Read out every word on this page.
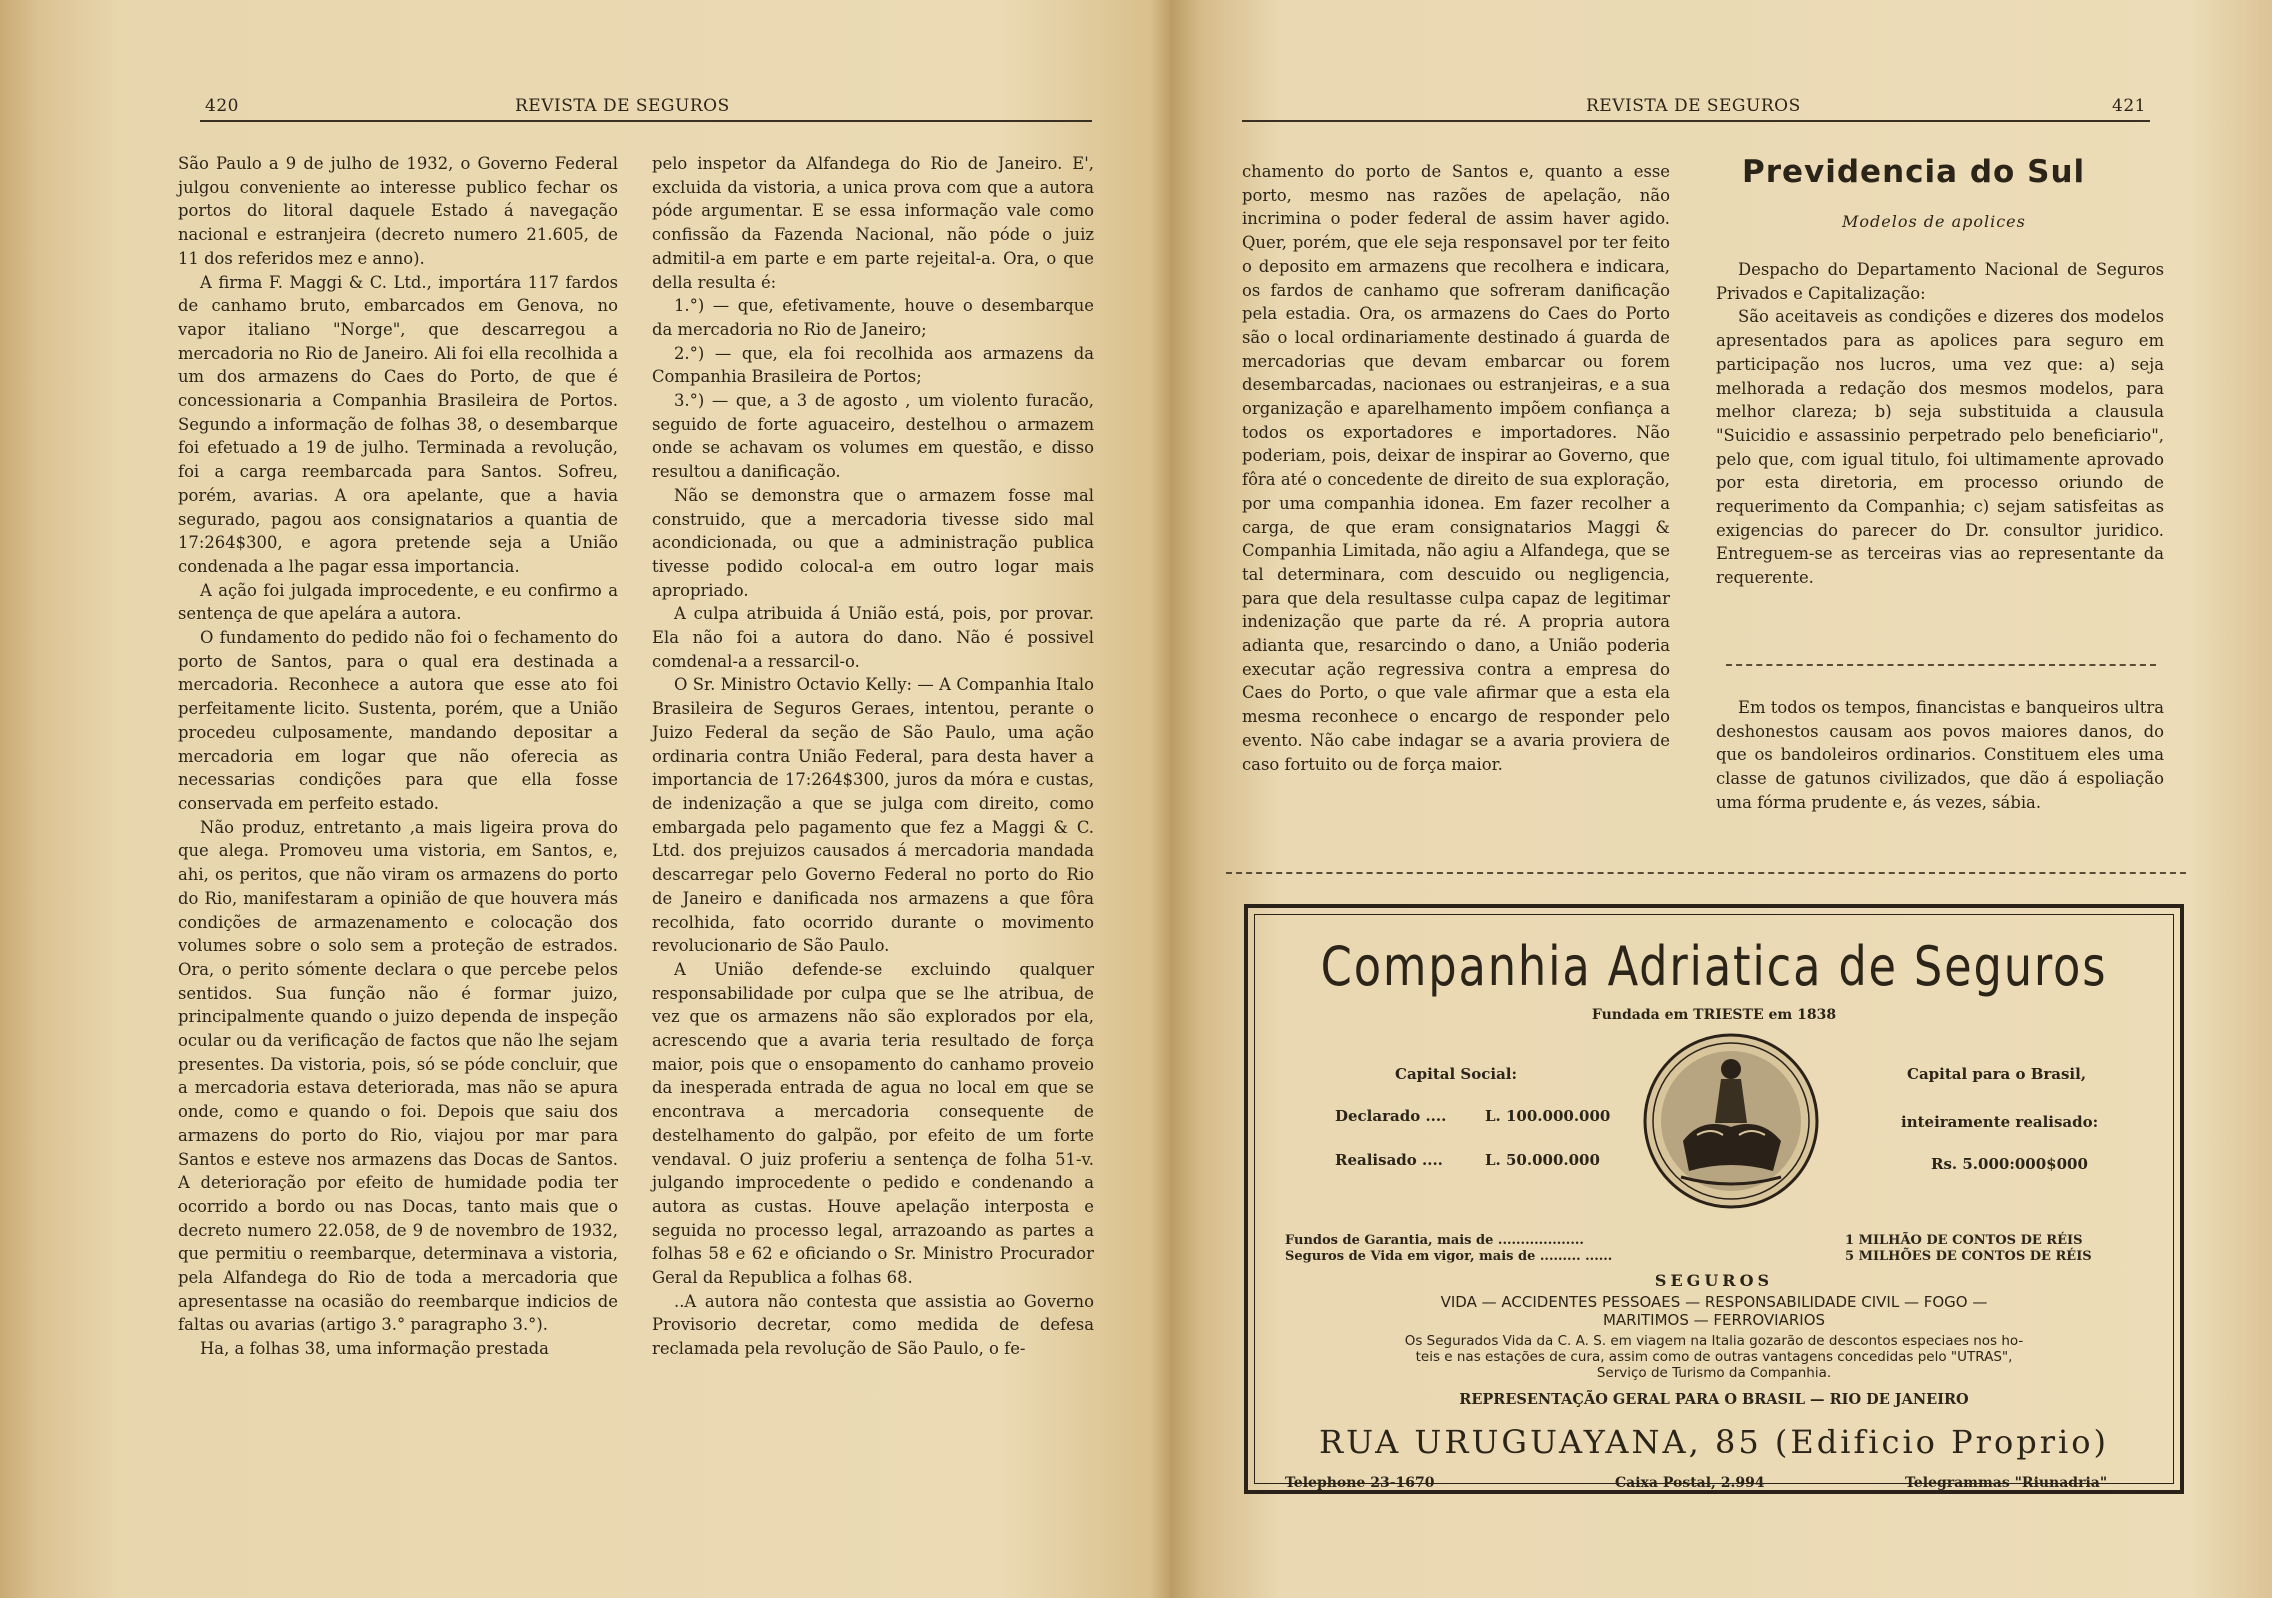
420	REVISTA DE SEGUROS

São Paulo a 9 de julho de 1932, o Governo Federal julgou conveniente ao interesse publico fechar os portos do litoral daquele Estado á navegação nacional e estranjeira (decreto numero 21.605, de 11 dos referidos mez e anno).

A firma F. Maggi & C. Ltd., importára 117 fardos de canhamo bruto, embarcados em Genova, no vapor italiano "Norge", que descarregou a mercadoria no Rio de Janeiro. Ali foi ella recolhida a um dos armazens do Caes do Porto, de que é concessionaria a Companhia Brasileira de Portos. Segundo a informação de folhas 38, o desembarque foi efetuado a 19 de julho. Terminada a revolução, foi a carga reembarcada para Santos. Sofreu, porém, avarias. A ora apelante, que a havia segurado, pagou aos consignatarios a quantia de 17:264$300, e agora pretende seja a União condenada a lhe pagar essa importancia.

A ação foi julgada improcedente, e eu confirmo a sentença de que apelára a autora.

O fundamento do pedido não foi o fechamento do porto de Santos, para o qual era destinada a mercadoria. Reconhece a autora que esse ato foi perfeitamente licito. Sustenta, porém, que a União procedeu culposamente, mandando depositar a mercadoria em logar que não oferecia as necessarias condições para que ella fosse conservada em perfeito estado.

Não produz, entretanto ,a mais ligeira prova do que alega. Promoveu uma vistoria, em Santos, e, ahi, os peritos, que não viram os armazens do porto do Rio, manifestaram a opinião de que houvera más condições de armazenamento e colocação dos volumes sobre o solo sem a proteção de estrados. Ora, o perito sómente declara o que percebe pelos sentidos. Sua função não é formar juizo, principalmente quando o juizo dependa de inspeção ocular ou da verificação de factos que não lhe sejam presentes. Da vistoria, pois, só se póde concluir, que a mercadoria estava deteriorada, mas não se apura onde, como e quando o foi. Depois que saiu dos armazens do porto do Rio, viajou por mar para Santos e esteve nos armazens das Docas de Santos. A deterioração por efeito de humidade podia ter ocorrido a bordo ou nas Docas, tanto mais que o decreto numero 22.058, de 9 de novembro de 1932, que permitiu o reembarque, determinava a vistoria, pela Alfandega do Rio de toda a mercadoria que apresentasse na ocasião do reembarque indicios de faltas ou avarias (artigo 3.° paragrapho 3.°).

Ha, a folhas 38, uma informação prestada

pelo inspetor da Alfandega do Rio de Janeiro. E', excluida da vistoria, a unica prova com que a autora póde argumentar. E se essa informação vale como confissão da Fazenda Nacional, não póde o juiz admitil-a em parte e em parte rejeital-a. Ora, o que della resulta é:

1.°) — que, efetivamente, houve o desembarque da mercadoria no Rio de Janeiro;

2.°) — que, ela foi recolhida aos armazens da Companhia Brasileira de Portos;

3.°) — que, a 3 de agosto , um violento furacão, seguido de forte aguaceiro, destelhou o armazem onde se achavam os volumes em questão, e disso resultou a danificação.

Não se demonstra que o armazem fosse mal construido, que a mercadoria tivesse sido mal acondicionada, ou que a administração publica tivesse podido colocal-a em outro logar mais apropriado.

A culpa atribuida á União está, pois, por provar. Ela não foi a autora do dano. Não é possivel comdenal-a a ressarcil-o.

O Sr. Ministro Octavio Kelly: — A Companhia Italo Brasileira de Seguros Geraes, intentou, perante o Juizo Federal da seção de São Paulo, uma ação ordinaria contra União Federal, para desta haver a importancia de 17:264$300, juros da móra e custas, de indenização a que se julga com direito, como embargada pelo pagamento que fez a Maggi & C. Ltd. dos prejuizos causados á mercadoria mandada descarregar pelo Governo Federal no porto do Rio de Janeiro e danificada nos armazens a que fôra recolhida, fato ocorrido durante o movimento revolucionario de São Paulo.

A União defende-se excluindo qualquer responsabilidade por culpa que se lhe atribua, de vez que os armazens não são explorados por ela, acrescendo que a avaria teria resultado de força maior, pois que o ensopamento do canhamo proveio da inesperada entrada de agua no local em que se encontrava a mercadoria consequente de destelhamento do galpão, por efeito de um forte vendaval. O juiz proferiu a sentença de folha 51-v. julgando improcedente o pedido e condenando a autora as custas. Houve apelação interposta e seguida no processo legal, arrazoando as partes a folhas 58 e 62 e oficiando o Sr. Ministro Procurador Geral da Republica a folhas 68.

..A autora não contesta que assistia ao Governo Provisorio decretar, como medida de defesa reclamada pela revolução de São Paulo, o fe-

REVISTA DE SEGUROS	421

chamento do porto de Santos e, quanto a esse porto, mesmo nas razões de apelação, não incrimina o poder federal de assim haver agido. Quer, porém, que ele seja responsavel por ter feito o deposito em armazens que recolhera e indicara, os fardos de canhamo que sofreram danificação pela estadia. Ora, os armazens do Caes do Porto são o local ordinariamente destinado á guarda de mercadorias que devam embarcar ou forem desembarcadas, nacionaes ou estranjeiras, e a sua organização e aparelhamento impõem confiança a todos os exportadores e importadores. Não poderiam, pois, deixar de inspirar ao Governo, que fôra até o concedente de direito de sua exploração, por uma companhia idonea. Em fazer recolher a carga, de que eram consignatarios Maggi & Companhia Limitada, não agiu a Alfandega, que se tal determinara, com descuido ou negligencia, para que dela resultasse culpa capaz de legitimar indenização que parte da ré. A propria autora adianta que, resarcindo o dano, a União poderia executar ação regressiva contra a empresa do Caes do Porto, o que vale afirmar que a esta ela mesma reconhece o encargo de responder pelo evento. Não cabe indagar se a avaria proviera de caso fortuito ou de força maior.

Previdencia do Sul
Modelos de apolices

Despacho do Departamento Nacional de Seguros Privados e Capitalização:

São aceitaveis as condições e dizeres dos modelos apresentados para as apolices para seguro em participação nos lucros, uma vez que: a) seja melhorada a redação dos mesmos modelos, para melhor clareza; b) seja substituida a clausula "Suicidio e assassinio perpetrado pelo beneficiario", pelo que, com igual titulo, foi ultimamente aprovado por esta diretoria, em processo oriundo de requerimento da Companhia; c) sejam satisfeitas as exigencias do parecer do Dr. consultor juridico. Entreguem-se as terceiras vias ao representante da requerente.

Em todos os tempos, financistas e banqueiros ultra deshonestos causam aos povos maiores danos, do que os bandoleiros ordinarios. Constituem eles uma classe de gatunos civilizados, que dão á espoliação uma fórma prudente e, ás vezes, sábia.

Companhia Adriatica de Seguros
Fundada em TRIESTE em 1838
Capital Social:
Declarado ....	L. 100.000.000
Realisado ....	L. 50.000.000
Capital para o Brasil,
inteiramente realisado:
Rs. 5.000:000$000
Fundos de Garantia, mais de ...................	1 MILHÃO DE CONTOS DE RÉIS
Seguros de Vida em vigor, mais de ......... ......	5 MILHÕES DE CONTOS DE RÉIS
SEGUROS
VIDA — ACCIDENTES PESSOAES — RESPONSABILIDADE CIVIL — FOGO —
MARITIMOS — FERROVIARIOS
Os Segurados Vida da C. A. S. em viagem na Italia gozarão de descontos especiaes nos ho-
teis e nas estações de cura, assim como de outras vantagens concedidas pelo "UTRAS",
Serviço de Turismo da Companhia.
REPRESENTAÇÃO GERAL PARA O BRASIL — RIO DE JANEIRO
RUA URUGUAYANA, 85 (Edificio Proprio)
Telephone 23-1670	Caixa Postal, 2.994	Telegrammas "Riunadria"
